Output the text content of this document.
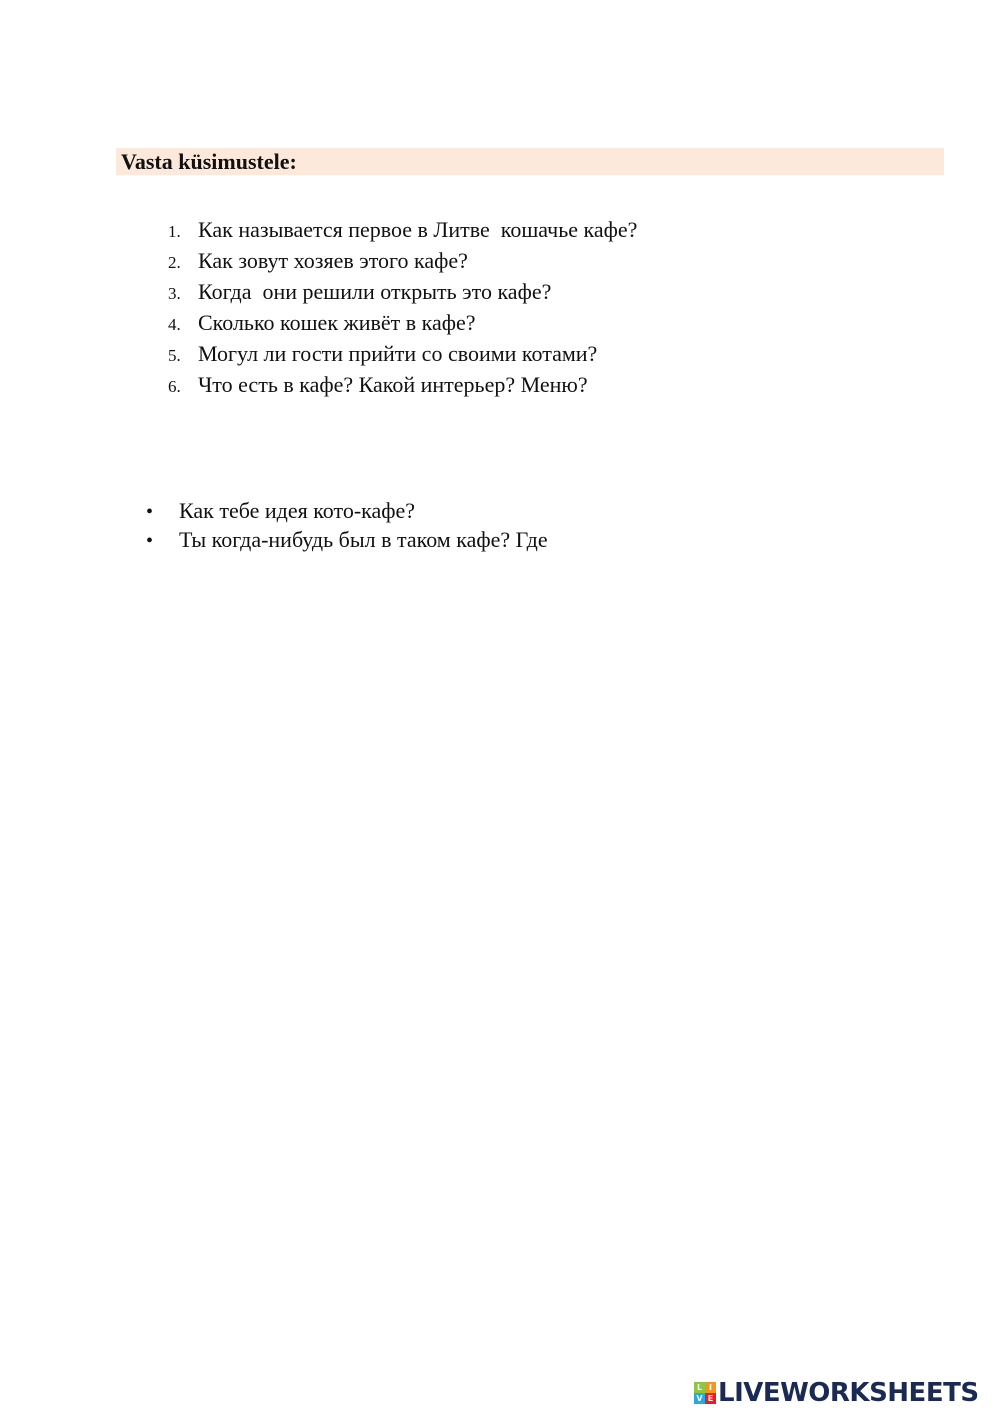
Vasta küsimustele:
1. Как называется первое в Литве  кошачье кафе?
2. Как зовут хозяев этого кафе?
3. Когда  они решили открыть это кафе?
4. Сколько кошек живёт в кафе?
5. Могул ли гости прийти со своими котами?
6. Что есть в кафе? Какой интерьер? Меню?
• Как тебе идея кото-кафе?
• Ты когда-нибудь был в таком кафе? Где
L I
V E LIVEWORKSHEETS
